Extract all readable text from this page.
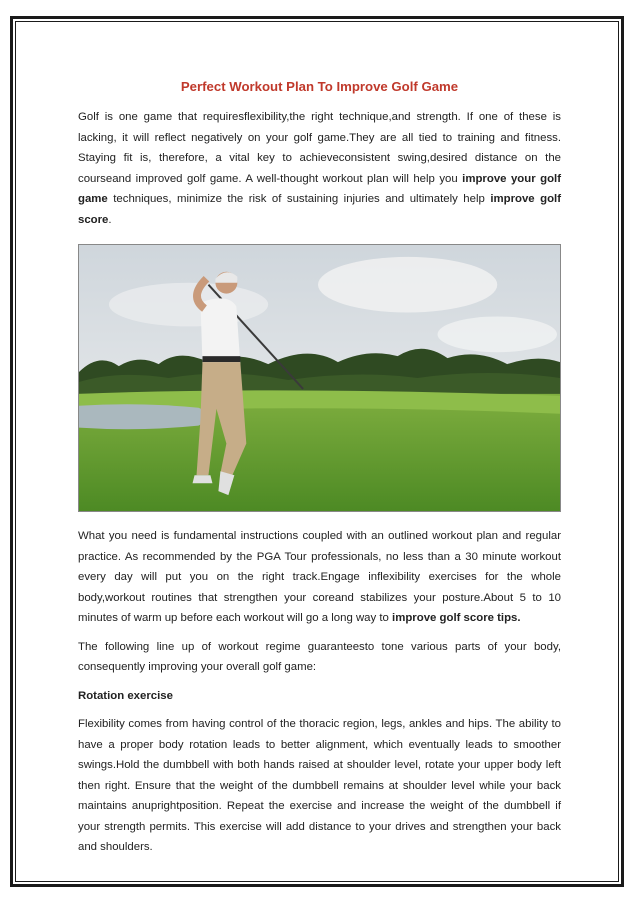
Perfect Workout Plan To Improve Golf Game

Golf is one game that requiresflexibility,the right technique,and strength. If one of these is lacking, it will reflect negatively on your golf game.They are all tied to training and fitness. Staying fit is, therefore, a vital key to achieveconsistent swing,desired distance on the courseand improved golf game. A well-thought workout plan will help you improve your golf game techniques, minimize the risk of sustaining injuries and ultimately help improve golf score.

What you need is fundamental instructions coupled with an outlined workout plan and regular practice. As recommended by the PGA Tour professionals, no less than a 30 minute workout every day will put you on the right track.Engage inflexibility exercises for the whole body,workout routines that strengthen your coreand stabilizes your posture.About 5 to 10 minutes of warm up before each workout will go a long way to improve golf score tips.

The following line up of workout regime guaranteesto tone various parts of your body, consequently improving your overall golf game:

Rotation exercise

Flexibility comes from having control of the thoracic region, legs, ankles and hips. The ability to have a proper body rotation leads to better alignment, which eventually leads to smoother swings.Hold the dumbbell with both hands raised at shoulder level, rotate your upper body left then right. Ensure that the weight of the dumbbell remains at shoulder level while your back maintains anuprightposition. Repeat the exercise and increase the weight of the dumbbell if your strength permits. This exercise will add distance to your drives and strengthen your back and shoulders.
